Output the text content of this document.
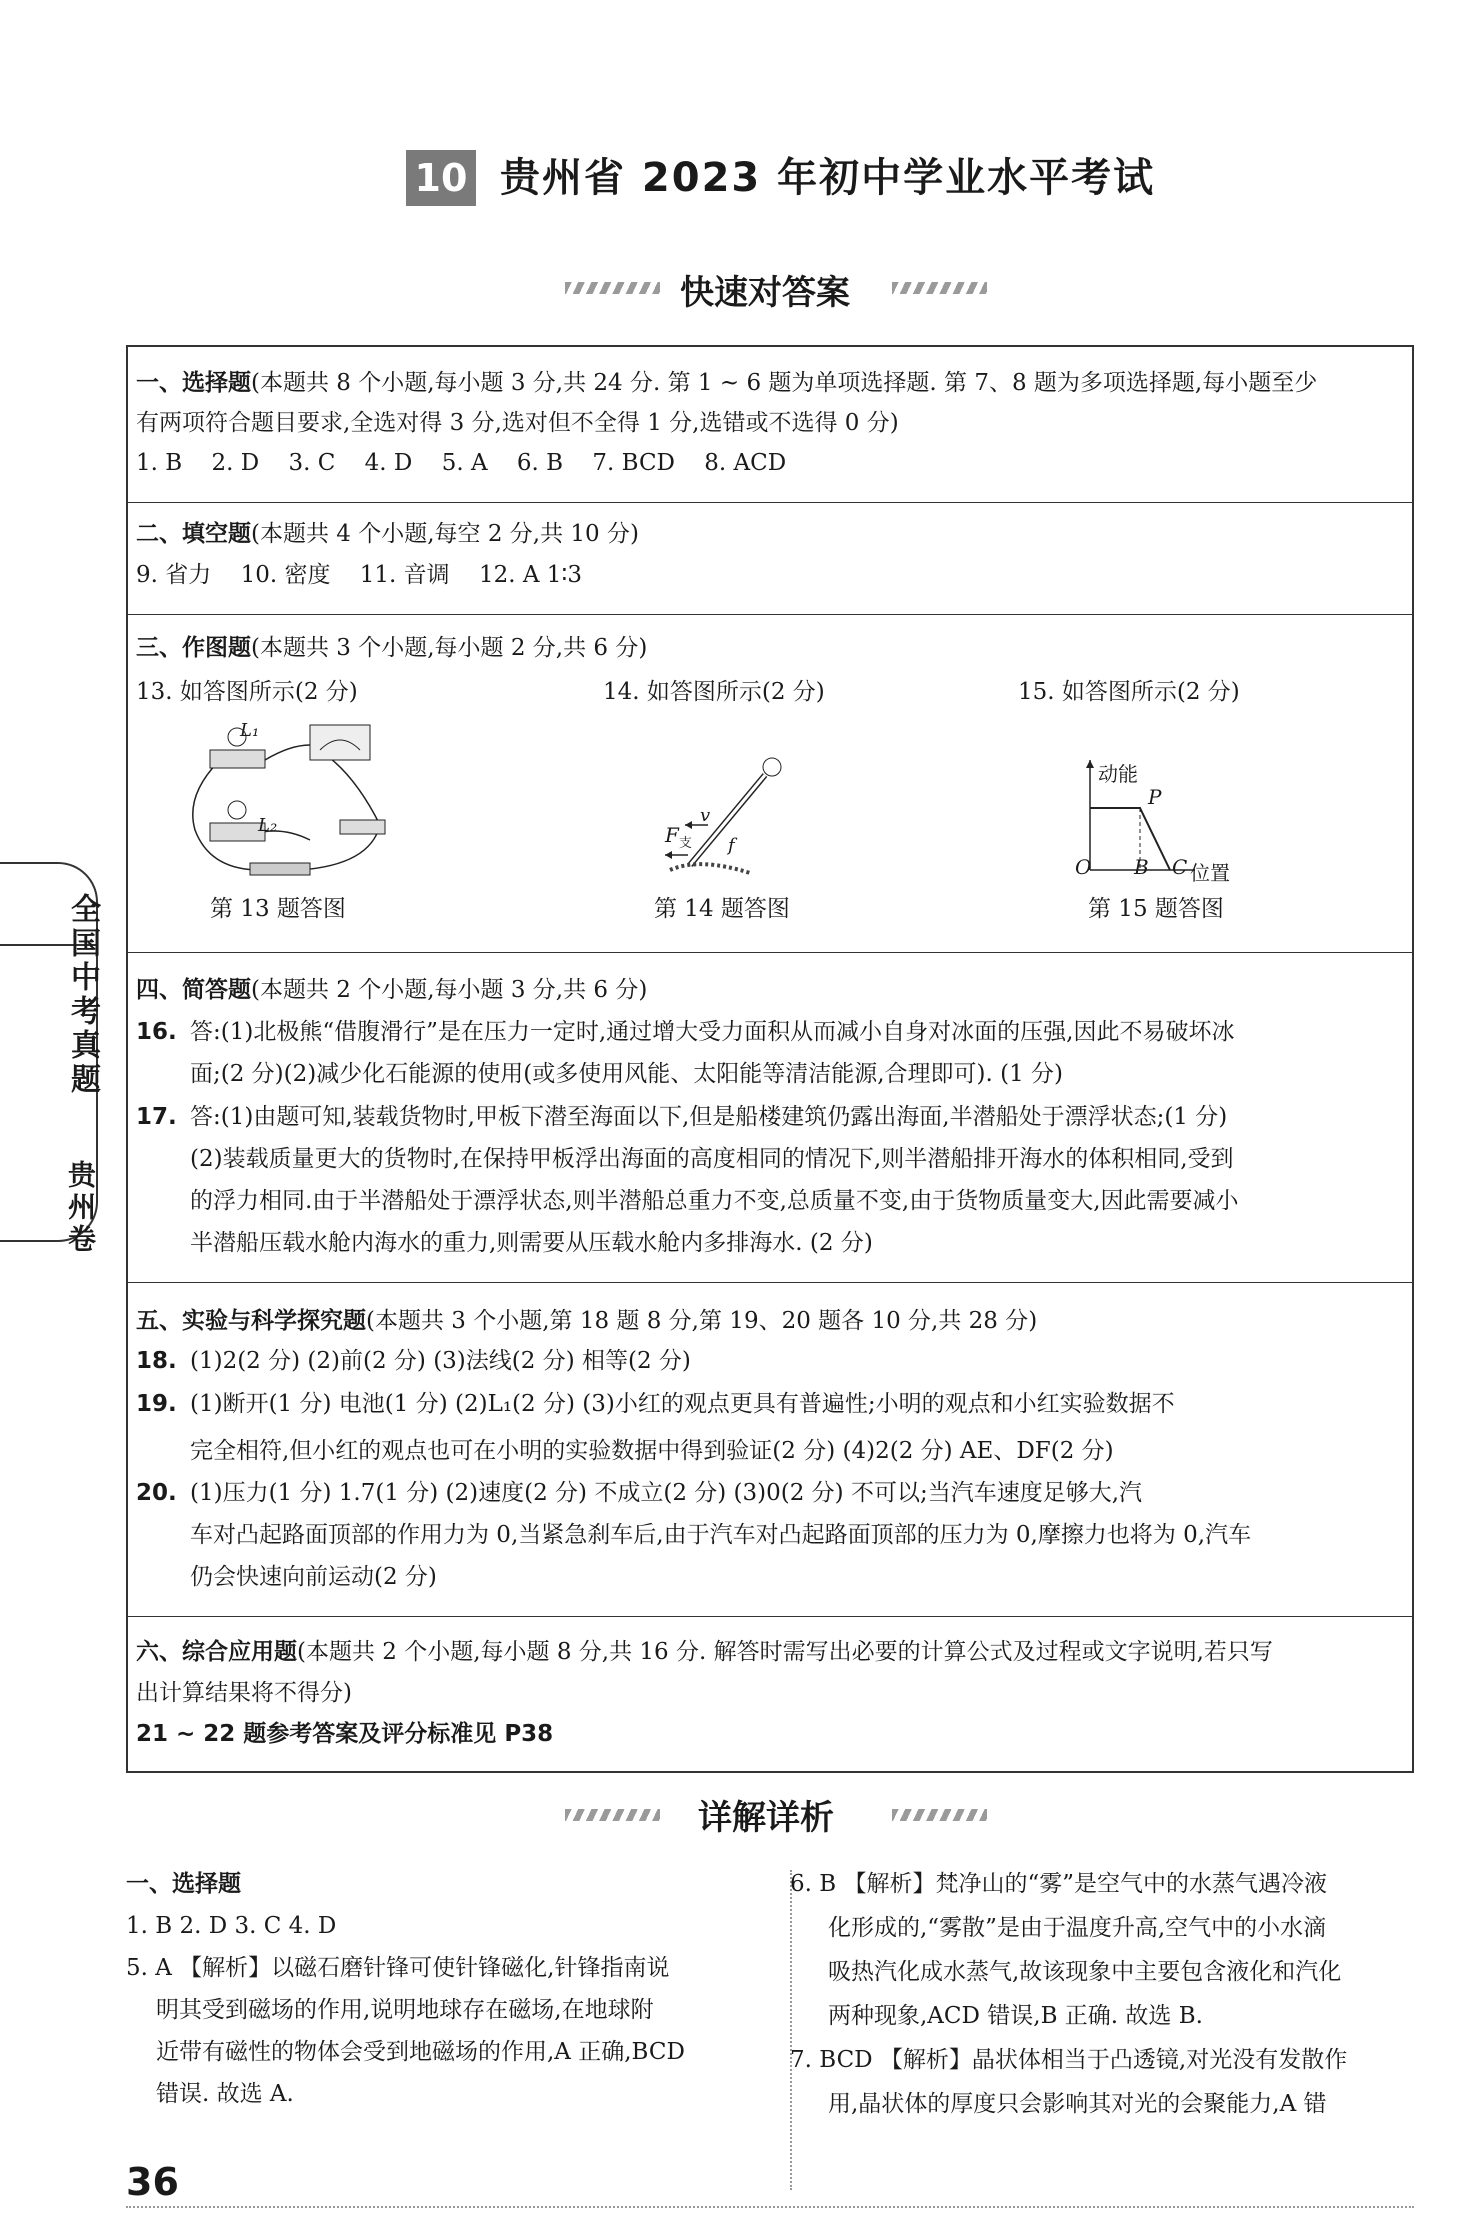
10 贵州省 2023 年初中学业水平考试
快速对答案
全国中考真题
贵州卷
一、选择题(本题共 8 个小题,每小题 3 分,共 24 分. 第 1 ~ 6 题为单项选择题. 第 7、8 题为多项选择题,每小题至少
有两项符合题目要求,全选对得 3 分,选对但不全得 1 分,选错或不选得 0 分)
1. B 2. D 3. C 4. D 5. A 6. B 7. BCD 8. ACD
二、填空题(本题共 4 个小题,每空 2 分,共 10 分)
9. 省力 10. 密度 11. 音调 12. A 1∶3
三、作图题(本题共 3 个小题,每小题 2 分,共 6 分)
13. 如答图所示(2 分)	14. 如答图所示(2 分)	15. 如答图所示(2 分)
L₁
L₂
第 13 题答图
$F_支$
v
f
第 14 题答图
动能
P
O B C 位置
第 15 题答图
四、简答题(本题共 2 个小题,每小题 3 分,共 6 分)
16. 答:(1)北极熊“借腹滑行”是在压力一定时,通过增大受力面积从而减小自身对冰面的压强,因此不易破坏冰
面;(2 分)(2)减少化石能源的使用(或多使用风能、太阳能等清洁能源,合理即可). (1 分)
17. 答:(1)由题可知,装载货物时,甲板下潜至海面以下,但是船楼建筑仍露出海面,半潜船处于漂浮状态;(1 分)
(2)装载质量更大的货物时,在保持甲板浮出海面的高度相同的情况下,则半潜船排开海水的体积相同,受到
的浮力相同.由于半潜船处于漂浮状态,则半潜船总重力不变,总质量不变,由于货物质量变大,因此需要减小
半潜船压载水舱内海水的重力,则需要从压载水舱内多排海水. (2 分)
五、实验与科学探究题(本题共 3 个小题,第 18 题 8 分,第 19、20 题各 10 分,共 28 分)
18. (1)2(2 分) (2)前(2 分) (3)法线(2 分) 相等(2 分)
19. (1)断开(1 分) 电池(1 分) (2)L₁(2 分) (3)小红的观点更具有普遍性;小明的观点和小红实验数据不
完全相符,但小红的观点也可在小明的实验数据中得到验证(2 分) (4)2(2 分) AE、DF(2 分)
20. (1)压力(1 分) 1.7(1 分) (2)速度(2 分) 不成立(2 分) (3)0(2 分) 不可以;当汽车速度足够大,汽
车对凸起路面顶部的作用力为 0,当紧急刹车后,由于汽车对凸起路面顶部的压力为 0,摩擦力也将为 0,汽车
仍会快速向前运动(2 分)
六、综合应用题(本题共 2 个小题,每小题 8 分,共 16 分. 解答时需写出必要的计算公式及过程或文字说明,若只写
出计算结果将不得分)
21 ~ 22 题参考答案及评分标准见 P38
详解详析
一、选择题
1. B 2. D 3. C 4. D
5. A 【解析】以磁石磨针锋可使针锋磁化,针锋指南说
明其受到磁场的作用,说明地球存在磁场,在地球附
近带有磁性的物体会受到地磁场的作用,A 正确,BCD
错误. 故选 A.
6. B 【解析】梵净山的“雾”是空气中的水蒸气遇冷液
化形成的,“雾散”是由于温度升高,空气中的小水滴
吸热汽化成水蒸气,故该现象中主要包含液化和汽化
两种现象,ACD 错误,B 正确. 故选 B.
7. BCD 【解析】晶状体相当于凸透镜,对光没有发散作
用,晶状体的厚度只会影响其对光的会聚能力,A 错
36
